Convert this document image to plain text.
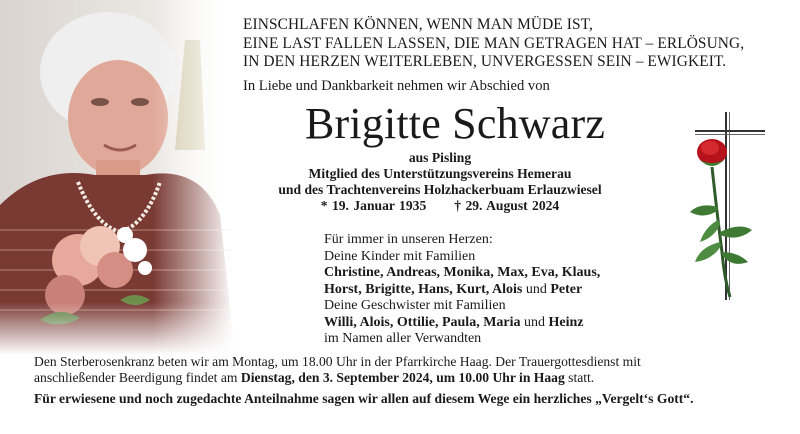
EINSCHLAFEN KÖNNEN, WENN MAN MÜDE IST,
EINE LAST FALLEN LASSEN, DIE MAN GETRAGEN HAT – ERLÖSUNG,
IN DEN HERZEN WEITERLEBEN, UNVERGESSEN SEIN – EWIGKEIT.
In Liebe und Dankbarkeit nehmen wir Abschied von
Brigitte Schwarz
aus Pisling
Mitglied des Unterstützungsvereins Hemerau
und des Trachtenvereins Holzhackerbuam Erlauzwiesel
* 19. Januar 1935 † 29. August 2024
Für immer in unseren Herzen:
Deine Kinder mit Familien
Christine, Andreas, Monika, Max, Eva, Klaus,
Horst, Brigitte, Hans, Kurt, Alois und Peter
Deine Geschwister mit Familien
Willi, Alois, Ottilie, Paula, Maria und Heinz
im Namen aller Verwandten
Den Sterberosenkranz beten wir am Montag, um 18.00 Uhr in der Pfarrkirche Haag. Der Trauergottesdienst mit
anschließender Beerdigung findet am Dienstag, den 3. September 2024, um 10.00 Uhr in Haag statt.
Für erwiesene und noch zugedachte Anteilnahme sagen wir allen auf diesem Wege ein herzliches „Vergelt‘s Gott“.
